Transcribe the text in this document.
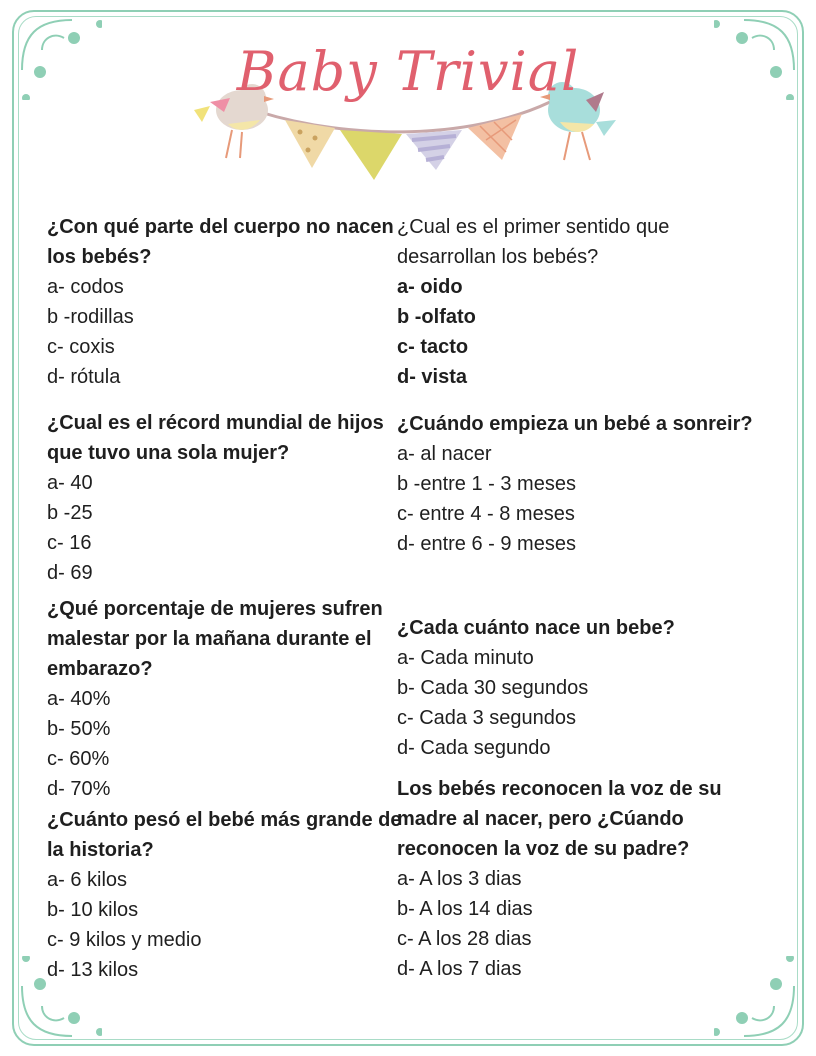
Baby Trivial
¿Con qué parte del cuerpo no nacen los bebés?
a- codos
b -rodillas
c- coxis
d- rótula
¿Cual es el récord mundial de hijos que tuvo una sola mujer?
a- 40
b -25
c- 16
d- 69
¿Qué porcentaje de mujeres sufren malestar por la mañana durante el embarazo?
a- 40%
b- 50%
c- 60%
d- 70%
¿Cuánto pesó el bebé más grande de la historia?
a- 6 kilos
b- 10 kilos
c- 9 kilos y medio
d- 13 kilos
¿Cual es el primer sentido que desarrollan los bebés?
a- oido
b -olfato
c- tacto
d- vista
¿Cuándo empieza un bebé a sonreir?
a- al nacer
b -entre 1 - 3 meses
c- entre 4 - 8 meses
d- entre 6 - 9 meses
¿Cada cuánto nace un bebe?
a- Cada minuto
b- Cada 30 segundos
c- Cada 3 segundos
d- Cada segundo
Los bebés reconocen la voz de su madre al nacer, pero ¿Cúando reconocen la voz de su padre?
a- A los 3 dias
b- A los 14 dias
c- A los 28 dias
d- A los 7 dias
